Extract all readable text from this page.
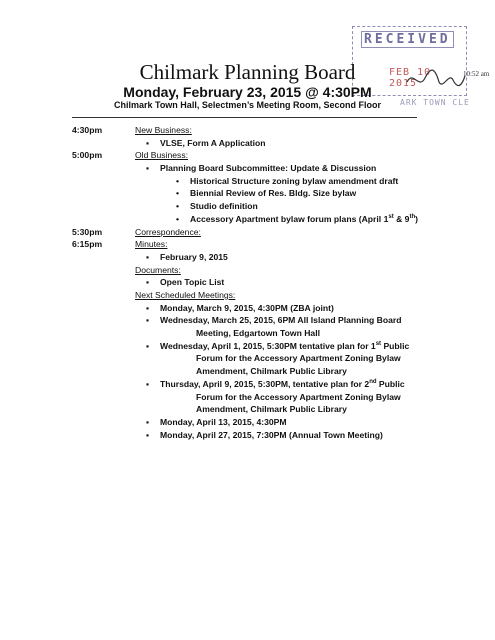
RECEIVED
FEB 10 2015
10:52 am
Chilmark Planning Board
Monday, February 23, 2015 @ 4:30PM
Chilmark Town Hall, Selectmen’s Meeting Room, Second Floor
4:30pm	New Business:
▪ VLSE, Form A Application
5:00pm	Old Business:
▪ Planning Board Subcommittee: Update & Discussion
• Historical Structure zoning bylaw amendment draft
• Biennial Review of Res. Bldg. Size bylaw
• Studio definition
• Accessory Apartment bylaw forum plans (April 1st & 9th)
5:30pm	Correspondence:
6:15pm	Minutes:
▪ February 9, 2015
Documents:
▪ Open Topic List
Next Scheduled Meetings:
▪ Monday, March 9, 2015, 4:30PM (ZBA joint)
▪ Wednesday, March 25, 2015, 6PM All Island Planning Board
Meeting, Edgartown Town Hall
▪ Wednesday, April 1, 2015, 5:30PM tentative plan for 1st Public
Forum for the Accessory Apartment Zoning Bylaw
Amendment, Chilmark Public Library
▪ Thursday, April 9, 2015, 5:30PM, tentative plan for 2nd Public
Forum for the Accessory Apartment Zoning Bylaw
Amendment, Chilmark Public Library
▪ Monday, April 13, 2015, 4:30PM
▪ Monday, April 27, 2015, 7:30PM (Annual Town Meeting)
ARK TOWN CLE
